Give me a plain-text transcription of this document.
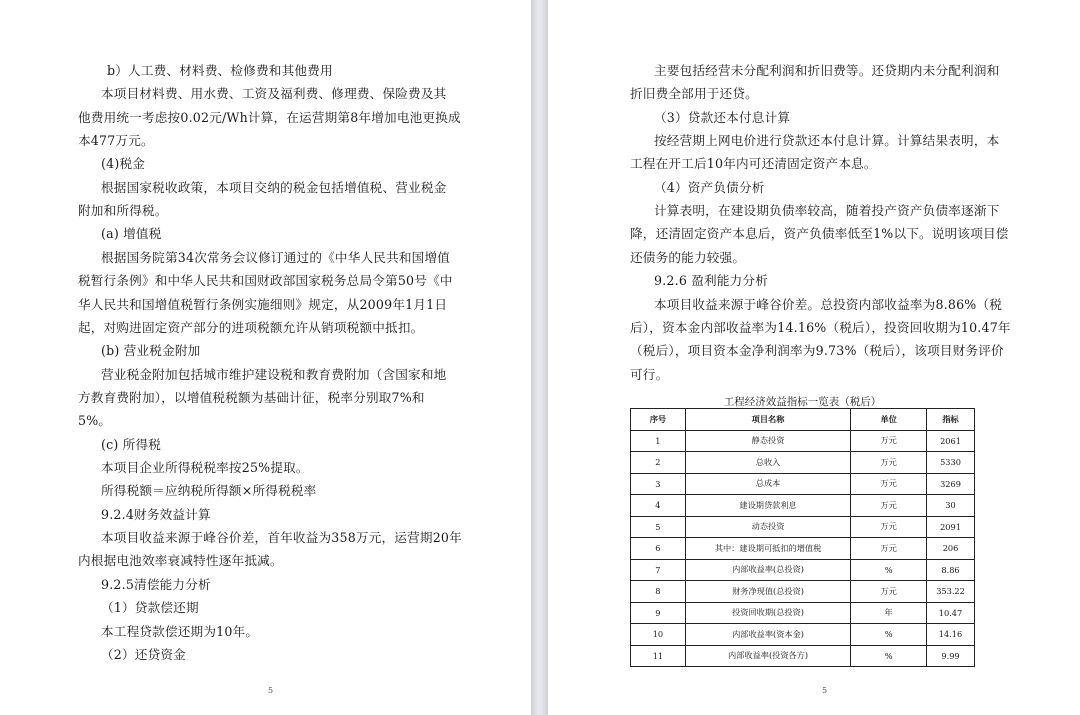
b）人工费、材料费、检修费和其他费用
本项目材料费、用水费、工资及福利费、修理费、保险费及其
他费用统一考虑按0.02元/Wh计算，在运营期第8年增加电池更换成
本477万元。
(4)税金
根据国家税收政策，本项目交纳的税金包括增值税、营业税金
附加和所得税。
(a) 增值税
根据国务院第34次常务会议修订通过的《中华人民共和国增值
税暂行条例》和中华人民共和国财政部国家税务总局令第50号《中
华人民共和国增值税暂行条例实施细则》规定，从2009年1月1日
起，对购进固定资产部分的进项税额允许从销项税额中抵扣。
(b) 营业税金附加
营业税金附加包括城市维护建设税和教育费附加（含国家和地
方教育费附加），以增值税税额为基础计征，税率分别取7%和
5%。
(c) 所得税
本项目企业所得税税率按25%提取。
所得税额＝应纳税所得额×所得税税率
9.2.4财务效益计算
本项目收益来源于峰谷价差，首年收益为358万元，运营期20年
内根据电池效率衰减特性逐年抵减。
9.2.5清偿能力分析
（1）贷款偿还期
本工程贷款偿还期为10年。
（2）还贷资金
5	5
主要包括经营未分配利润和折旧费等。还贷期内未分配利润和
折旧费全部用于还贷。
（3）贷款还本付息计算
按经营期上网电价进行贷款还本付息计算。计算结果表明，本
工程在开工后10年内可还清固定资产本息。
（4）资产负债分析
计算表明，在建设期负债率较高，随着投产资产负债率逐渐下
降，还清固定资产本息后，资产负债率低至1%以下。说明该项目偿
还债务的能力较强。
9.2.6 盈利能力分析
本项目收益来源于峰谷价差。总投资内部收益率为8.86%（税
后），资本金内部收益率为14.16%（税后），投资回收期为10.47年
（税后），项目资本金净利润率为9.73%（税后），该项目财务评价
可行。
工程经济效益指标一览表（税后）
序号	项目名称	单位	指标
1	静态投资	万元	2061
2	总收入	万元	5330
3	总成本	万元	3269
4	建设期贷款利息	万元	30
5	动态投资	万元	2091
6	其中：建设期可抵扣的增值税	万元	206
7	内部收益率(总投资)	%	8.86
8	财务净现值(总投资)	万元	353.22
9	投资回收期(总投资)	年	10.47
10	内部收益率(资本金)	%	14.16
11	内部收益率(投资各方)	%	9.99
